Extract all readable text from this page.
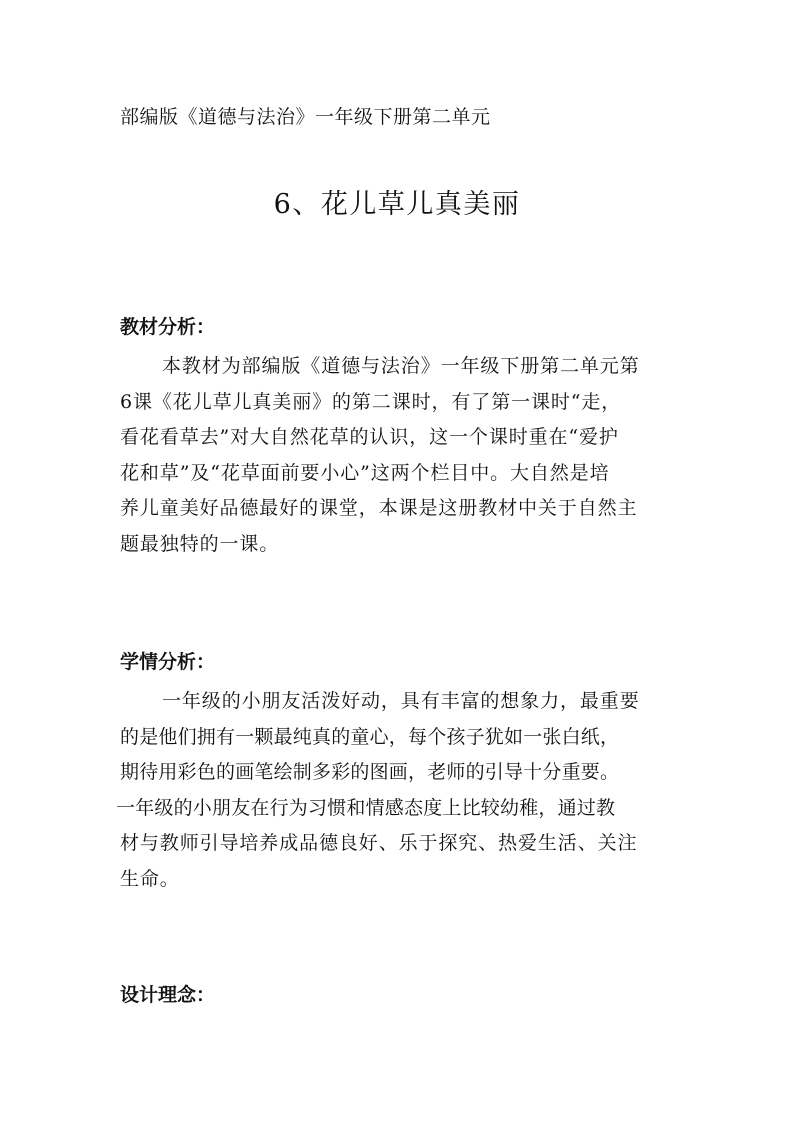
部编版《道德与法治》一年级下册第二单元
6、花儿草儿真美丽
教材分析：
本教材为部编版《道德与法治》一年级下册第二单元第
6课《花儿草儿真美丽》的第二课时，有了第一课时“走，
看花看草去”对大自然花草的认识，这一个课时重在“爱护
花和草”及“花草面前要小心”这两个栏目中。大自然是培
养儿童美好品德最好的课堂，本课是这册教材中关于自然主
题最独特的一课。
学情分析：
一年级的小朋友活泼好动，具有丰富的想象力，最重要
的是他们拥有一颗最纯真的童心，每个孩子犹如一张白纸，
期待用彩色的画笔绘制多彩的图画，老师的引导十分重要。
一年级的小朋友在行为习惯和情感态度上比较幼稚，通过教
材与教师引导培养成品德良好、乐于探究、热爱生活、关注
生命。
设计理念：
